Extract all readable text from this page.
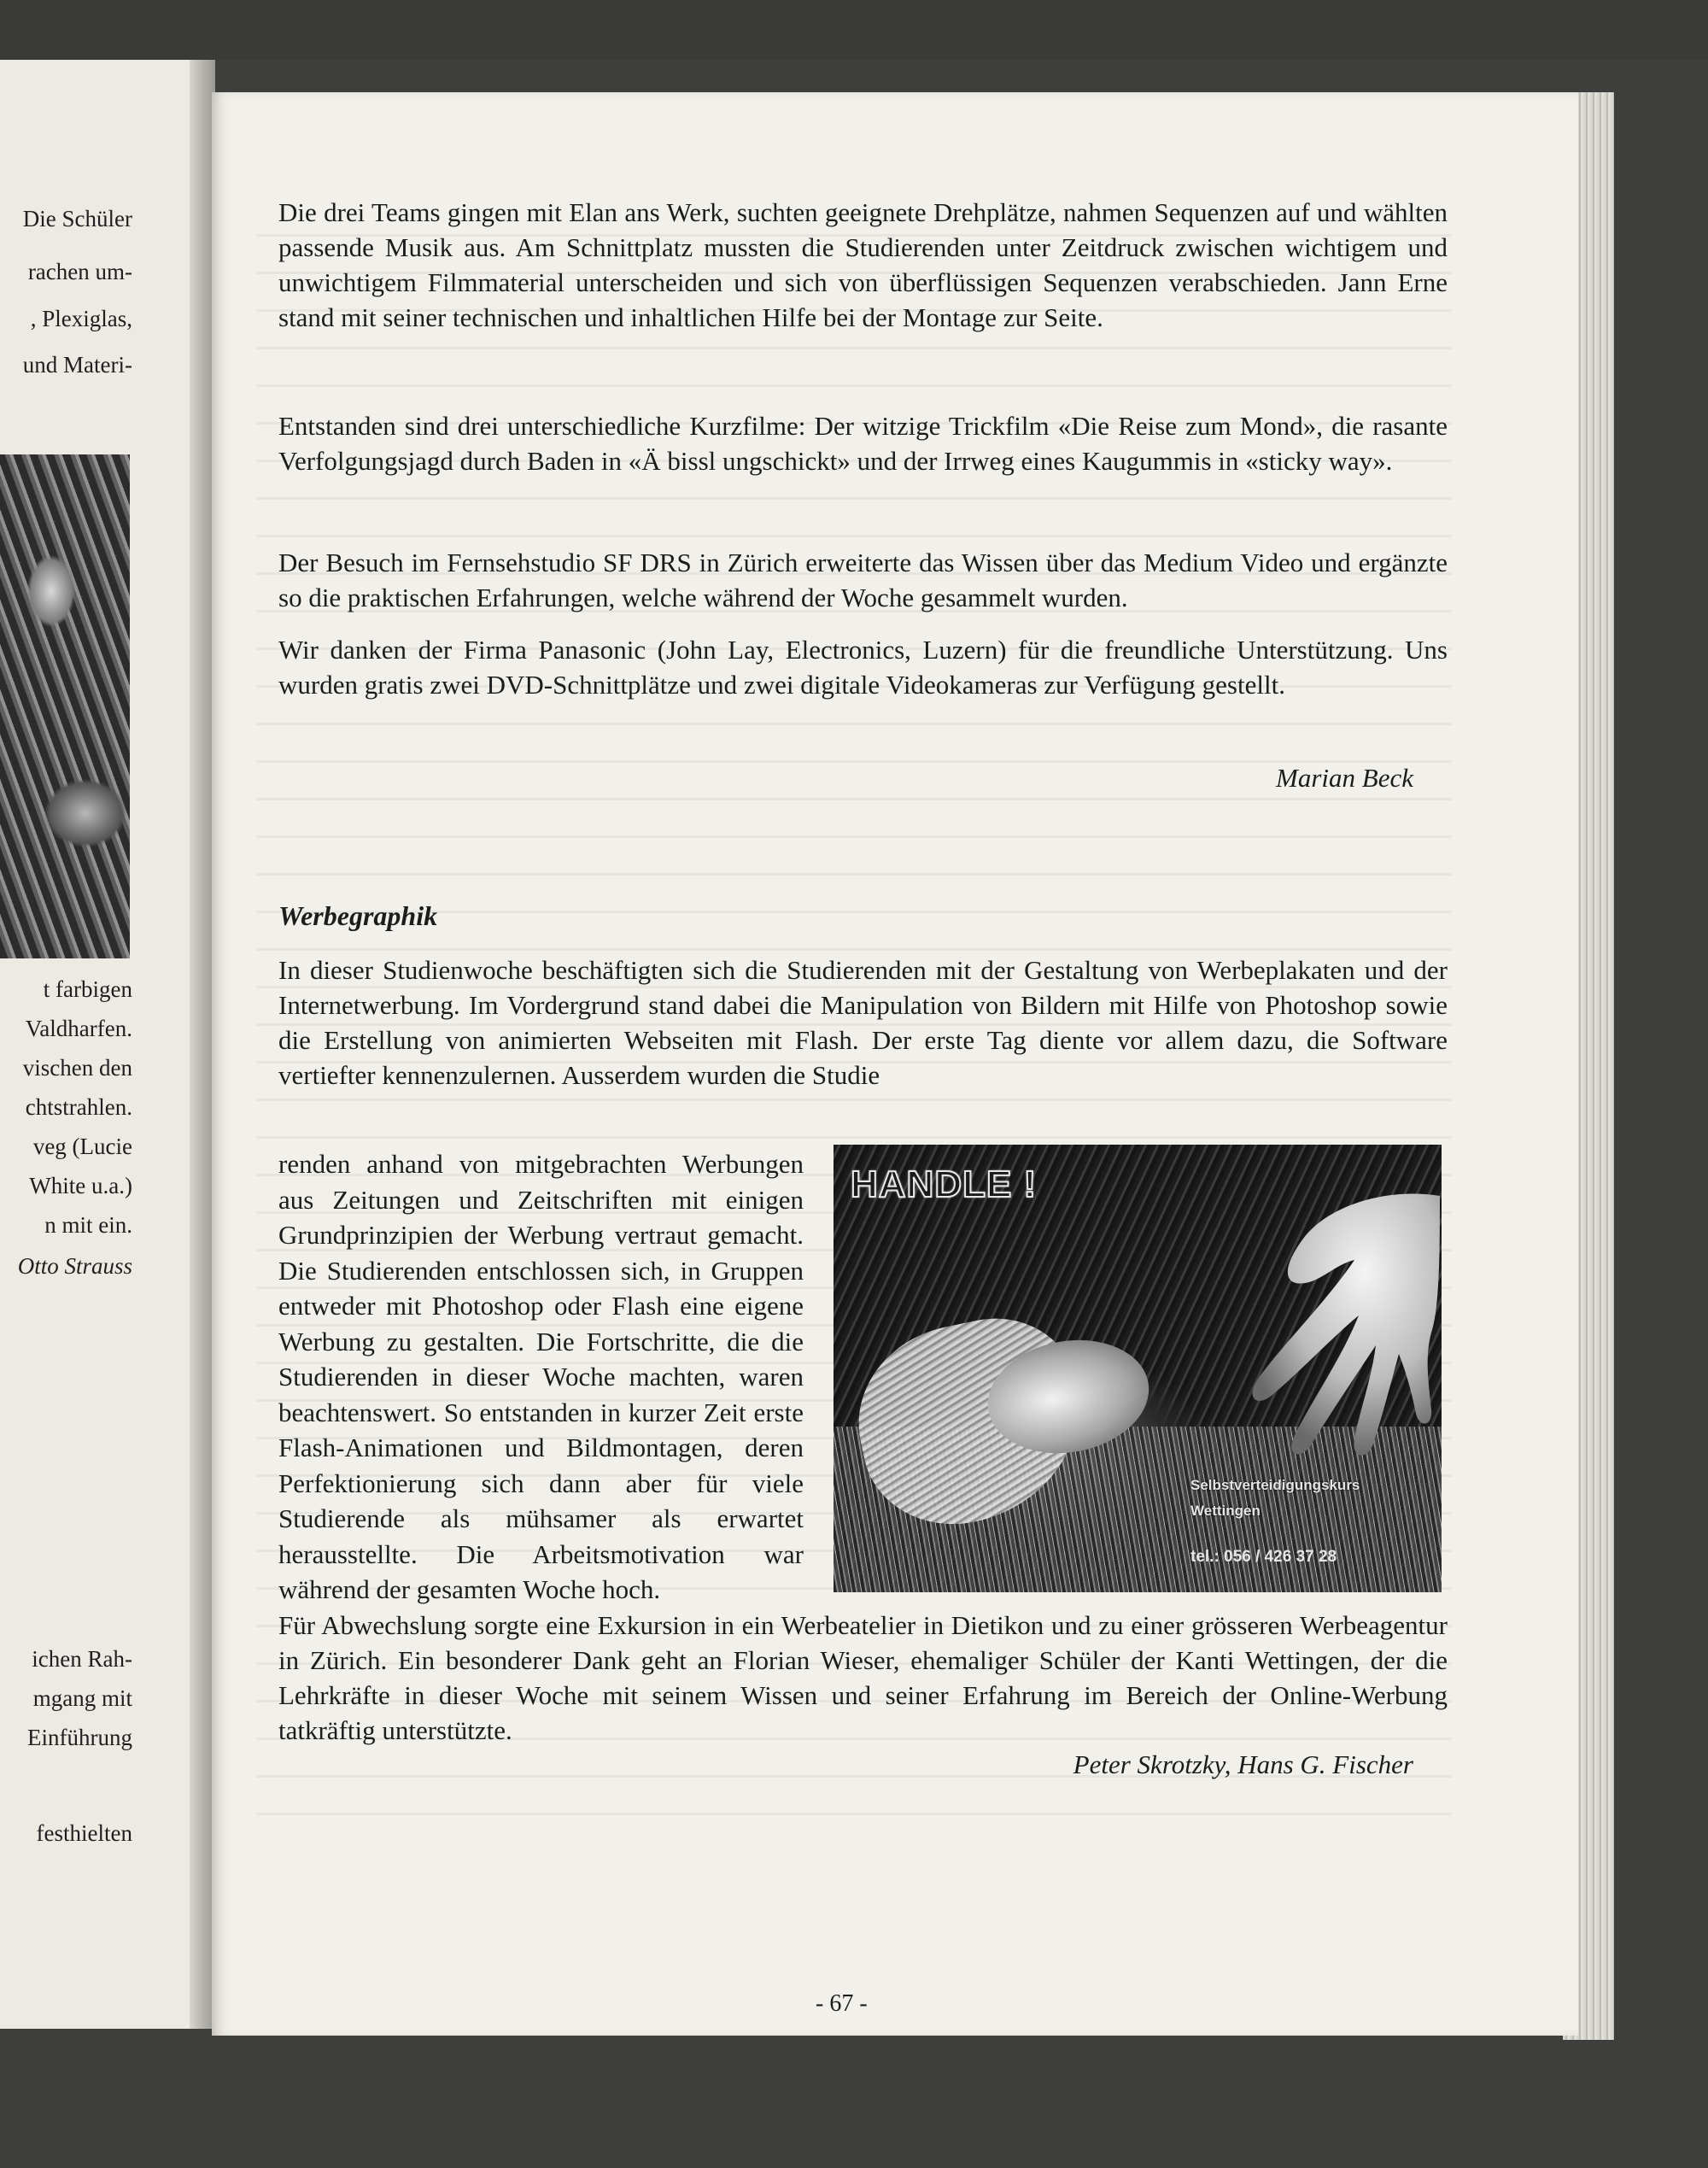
Die Schüler
rachen um-
, Plexiglas,
und Materi-
t farbigen
Valdharfen.
vischen den
chtstrahlen.
veg (Lucie
White u.a.)
n mit ein.
Otto Strauss
ichen Rah-
mgang mit
Einführung
festhielten

Die drei Teams gingen mit Elan ans Werk, suchten geeignete Drehplätze, nahmen Sequenzen auf und wählten passende Musik aus. Am Schnittplatz mussten die Studierenden unter Zeitdruck zwischen wichtigem und unwichtigem Filmmaterial unterscheiden und sich von überflüssigen Sequenzen verabschieden. Jann Erne stand mit seiner technischen und inhaltlichen Hilfe bei der Montage zur Seite.

Entstanden sind drei unterschiedliche Kurzfilme: Der witzige Trickfilm «Die Reise zum Mond», die rasante Verfolgungsjagd durch Baden in «Ä bissl ungschickt» und der Irrweg eines Kaugummis in «sticky way».

Der Besuch im Fernsehstudio SF DRS in Zürich erweiterte das Wissen über das Medium Video und ergänzte so die praktischen Erfahrungen, welche während der Woche gesammelt wurden.

Wir danken der Firma Panasonic (John Lay, Electronics, Luzern) für die freundliche Unterstützung. Uns wurden gratis zwei DVD-Schnittplätze und zwei digitale Videokameras zur Verfügung gestellt.

Marian Beck
Werbegraphik

In dieser Studienwoche beschäftigten sich die Studierenden mit der Gestaltung von Werbeplakaten und der Internetwerbung. Im Vordergrund stand dabei die Manipulation von Bildern mit Hilfe von Photoshop sowie die Erstellung von animierten Webseiten mit Flash. Der erste Tag diente vor allem dazu, die Software vertiefter kennenzulernen. Ausserdem wurden die Studie

renden anhand von mitgebrachten Werbungen aus Zeitungen und Zeitschriften mit einigen Grundprinzipien der Werbung vertraut gemacht. Die Studierenden entschlossen sich, in Gruppen entweder mit Photoshop oder Flash eine eigene Werbung zu gestalten. Die Fortschritte, die die Studierenden in dieser Woche machten, waren beachtenswert. So entstanden in kurzer Zeit erste Flash-Animationen und Bildmontagen, deren Perfektionierung sich dann aber für viele Studierende als mühsamer als erwartet herausstellte. Die Arbeitsmotivation war während der gesamten Woche hoch.

HANDLE !
Selbstverteidigungskurs
Wettingen
tel.: 056 / 426 37 28

Für Abwechslung sorgte eine Exkursion in ein Werbeatelier in Dietikon und zu einer grösseren Werbeagentur in Zürich. Ein besonderer Dank geht an Florian Wieser, ehemaliger Schüler der Kanti Wettingen, der die Lehrkräfte in dieser Woche mit seinem Wissen und seiner Erfahrung im Bereich der Online-Werbung tatkräftig unterstützte.

Peter Skrotzky, Hans G. Fischer
- 67 -
